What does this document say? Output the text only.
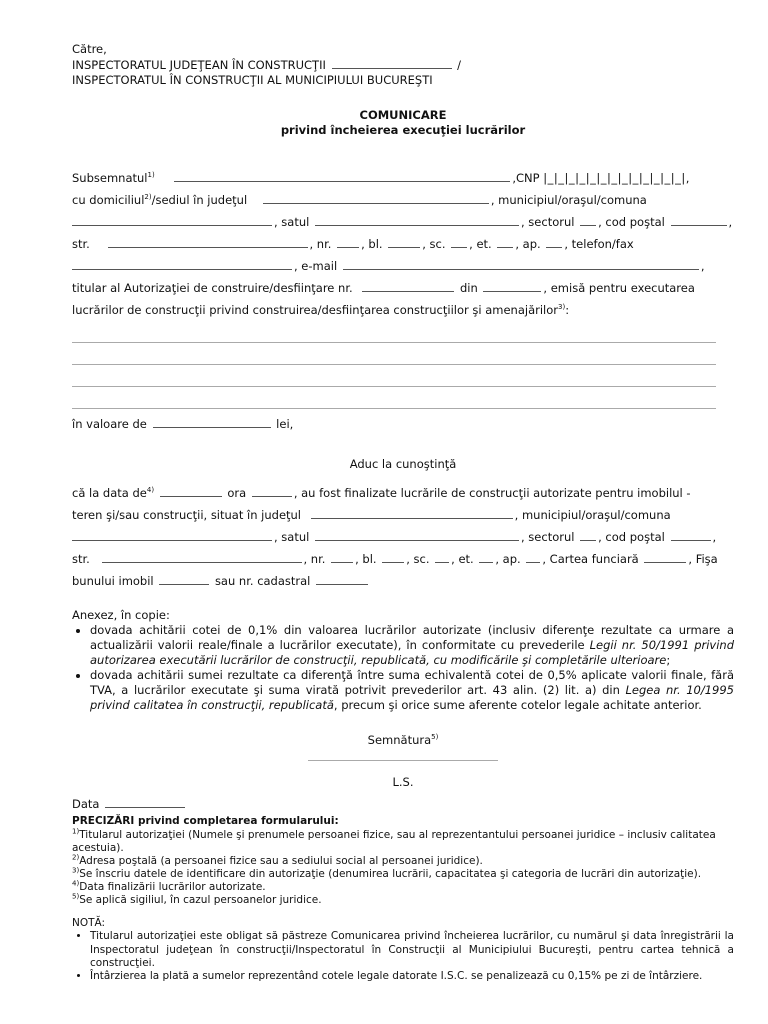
Către,
INSPECTORATUL JUDEŢEAN ÎN CONSTRUCŢII	/
INSPECTORATUL ÎN CONSTRUCŢII AL MUNICIPIULUI BUCUREŞTI
COMUNICARE
privind încheierea execuţiei lucrărilor
Subsemnatul$^{1)}$	,CNP |_|_|_|_|_|_|_|_|_|_|_|_|_|,
cu domiciliul$^{2)}$/sediul în judeţul	, municipiul/oraşul/comuna
, satul	, sectorul , cod poştal	,
str.	, nr.	, bl.	, sc. , et. , ap. , telefon/fax
, e-mail	,
titular al Autorizaţiei de construire/desfiinţare nr.	din	, emisă pentru executarea
lucrărilor de construcţii privind construirea/desfiinţarea construcţiilor şi amenajărilor$^{3)}$:
în valoare de	lei,
Aduc la cunoştinţă
că la data $de^{4)}$	ora	, au fost finalizate lucrările de construcţii autorizate pentru imobilul -
teren şi/sau construcţii, situat în judeţul	, municipiul/oraşul/comuna
, satul	, sectorul , cod poştal	,
str.	, nr.	, bl.	, sc. , et. , ap. , Cartea funciară	, Fişa
bunului imobil	sau nr. cadastral
Anexez, în copie:
• dovada achitării cotei de 0,1% din valoarea lucrărilor autorizate (inclusiv diferenţe rezultate ca urmare a actualizării valorii reale/finale a lucrărilor executate), în conformitate cu prevederile Legii nr. 50/1991 privind autorizarea executării lucrărilor de construcţii, republicată, cu modificările şi completările ulterioare;
• dovada achitării sumei rezultate ca diferenţă între suma echivalentă cotei de 0,5% aplicate valorii finale, fără TVA, a lucrărilor executate şi suma virată potrivit prevederilor art. 43 alin. (2) lit. a) din Legea nr. 10/1995 privind calitatea în construcţii, republicată, precum şi orice sume aferente cotelor legale achitate anterior.
Semnătura$^{5)}$
L.S.
Data
PRECIZĂRI privind completarea formularului:
$^{1)}$Titularul autorizaţiei (Numele şi prenumele persoanei fizice, sau al reprezentantului persoanei juridice – inclusiv calitatea acestuia).
$^{2)}$Adresa poştală (a persoanei fizice sau a sediului social al persoanei juridice).
$^{3)}$Se înscriu datele de identificare din autorizaţie (denumirea lucrării, capacitatea şi categoria de lucrări din autorizaţie).
$^{4)}$Data finalizării lucrărilor autorizate.
$^{5)}$Se aplică sigiliul, în cazul persoanelor juridice.
NOTĂ:
• Titularul autorizaţiei este obligat să păstreze Comunicarea privind încheierea lucrărilor, cu numărul şi data înregistrării la Inspectoratul judeţean în construcţii/Inspectoratul în Construcţii al Municipiului Bucureşti, pentru cartea tehnică a construcţiei.
• Întârzierea la plată a sumelor reprezentând cotele legale datorate I.S.C. se penalizează cu 0,15% pe zi de întârziere.
